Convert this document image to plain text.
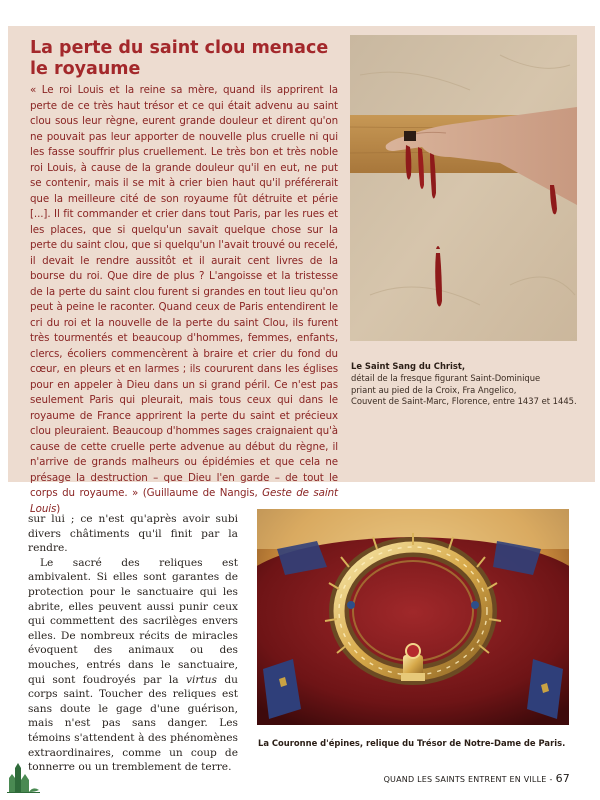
La perte du saint clou menace le royaume

« Le roi Louis et la reine sa mère, quand ils apprirent la perte de ce très haut trésor et ce qui était advenu au saint clou sous leur règne, eurent grande douleur et dirent qu'on ne pouvait pas leur apporter de nouvelle plus cruelle ni qui les fasse souffrir plus cruellement. Le très bon et très noble roi Louis, à cause de la grande douleur qu'il en eut, ne put se contenir, mais il se mit à crier bien haut qu'il préférerait que la meilleure cité de son royaume fût détruite et périe [...]. Il fit commander et crier dans tout Paris, par les rues et les places, que si quelqu'un savait quelque chose sur la perte du saint clou, que si quelqu'un l'avait trouvé ou recelé, il devait le rendre aussitôt et il aurait cent livres de la bourse du roi. Que dire de plus ? L'angoisse et la tristesse de la perte du saint clou furent si grandes en tout lieu qu'on peut à peine le raconter. Quand ceux de Paris entendirent le cri du roi et la nouvelle de la perte du saint Clou, ils furent très tourmentés et beaucoup d'hommes, femmes, enfants, clercs, écoliers commencèrent à braire et crier du fond du cœur, en pleurs et en larmes ; ils coururent dans les églises pour en appeler à Dieu dans un si grand péril. Ce n'est pas seulement Paris qui pleurait, mais tous ceux qui dans le royaume de France apprirent la perte du saint et précieux clou pleuraient. Beaucoup d'hommes sages craignaient qu'à cause de cette cruelle perte advenue au début du règne, il n'arrive de grands malheurs ou épidémies et que cela ne présage la destruction – que Dieu l'en garde – de tout le corps du royaume. » (Guillaume de Nangis, Geste de saint Louis)

Le Saint Sang du Christ,
détail de la fresque figurant Saint-Dominique
priant au pied de la Croix, Fra Angelico,
Couvent de Saint-Marc, Florence, entre 1437 et 1445.

sur lui ; ce n'est qu'après avoir subi divers châtiments qu'il finit par la rendre.

Le sacré des reliques est ambivalent. Si elles sont garantes de protection pour le sanctuaire qui les abrite, elles peuvent aussi punir ceux qui commettent des sacrilèges envers elles. De nombreux récits de miracles évoquent des animaux ou des mouches, entrés dans le sanctuaire, qui sont foudroyés par la virtus du corps saint. Toucher des reliques est sans doute le gage d'une guérison, mais n'est pas sans danger. Les témoins s'attendent à des phénomènes extraordinaires, comme un coup de tonnerre ou un tremblement de terre.

La Couronne d'épines, relique du Trésor de Notre-Dame de Paris.
QUAND LES SAINTS ENTRENT EN VILLE - 67
